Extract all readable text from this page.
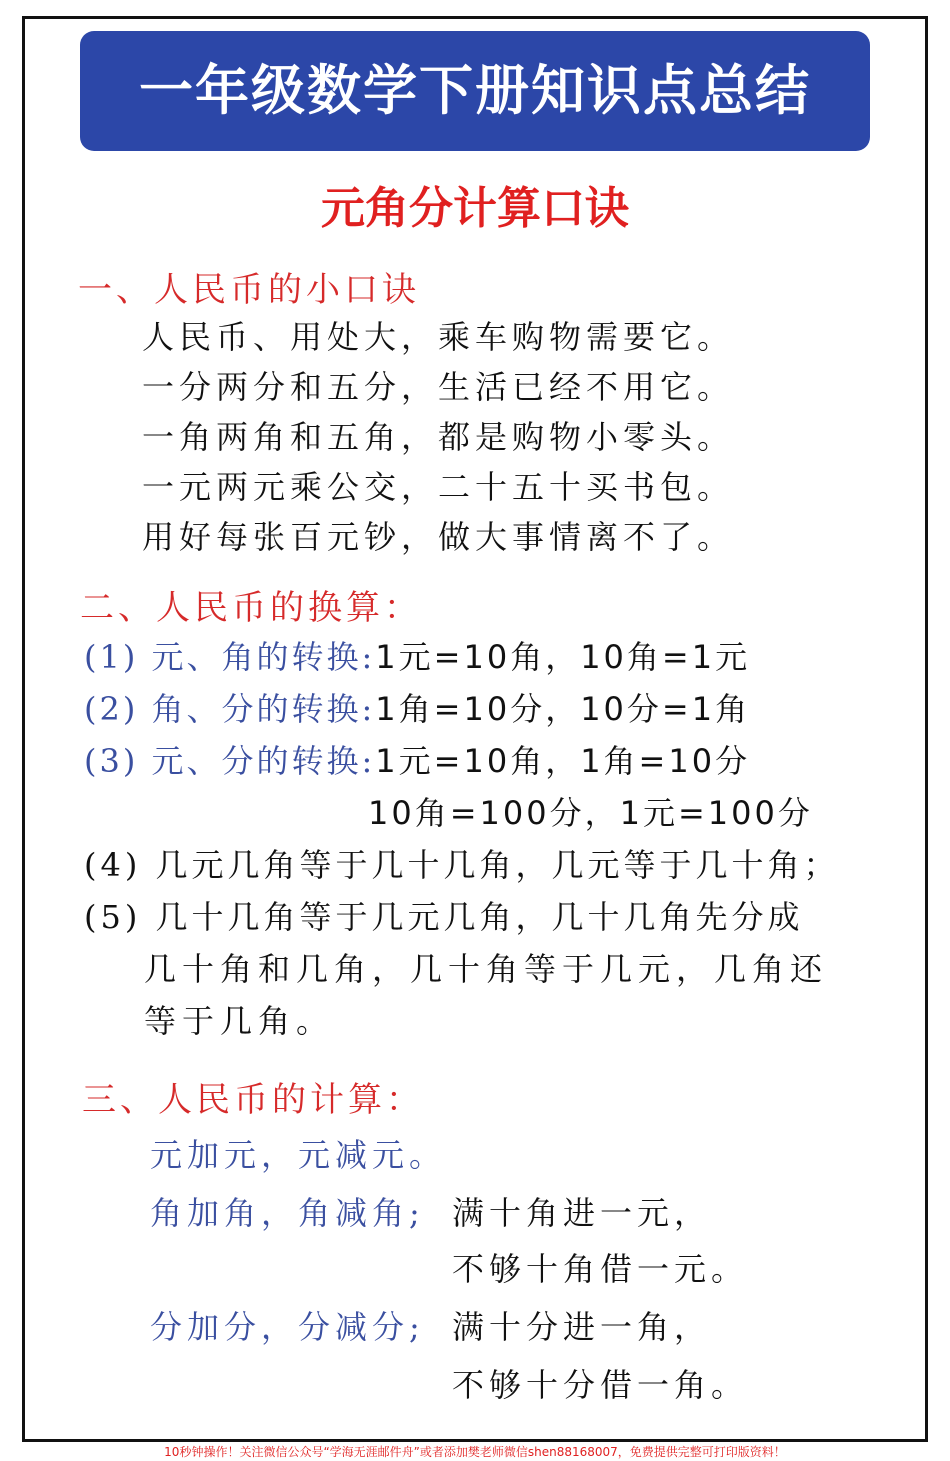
一年级数学下册知识点总结
元角分计算口诀
一、人民币的小口诀
人民币、用处大，乘车购物需要它。
一分两分和五分，生活已经不用它。
一角两角和五角，都是购物小零头。
一元两元乘公交，二十五十买书包。
用好每张百元钞，做大事情离不了。
二、人民币的换算：
(1) 元、角的转换:1元=10角，10角=1元
(2) 角、分的转换:1角=10分，10分=1角
(3) 元、分的转换:1元=10角，1角=10分
10角=100分，1元=100分
(4) 几元几角等于几十几角，几元等于几十角；
(5) 几十几角等于几元几角，几十几角先分成
几十角和几角，几十角等于几元，几角还
等于几角。
三、人民币的计算：
元加元，元减元。
角加角，角减角; 满十角进一元，
不够十角借一元。
分加分，分减分; 满十分进一角，
不够十分借一角。
10秒钟操作！关注微信公众号“学海无涯邮件舟”或者添加樊老师微信shen88168007，免费提供完整可打印版资料！
